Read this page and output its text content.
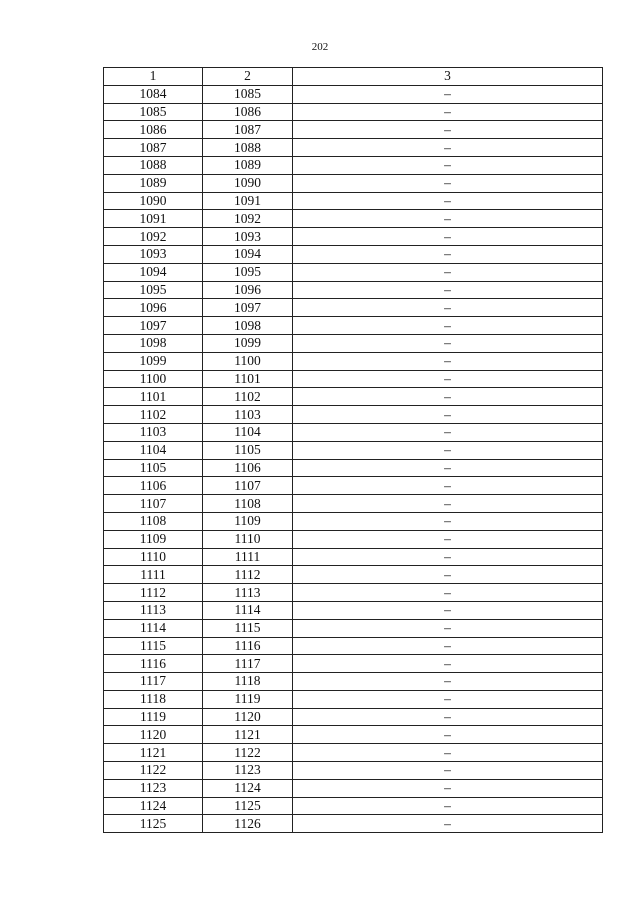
202
1	2	3
1084	1085	–
1085	1086	–
1086	1087	–
1087	1088	–
1088	1089	–
1089	1090	–
1090	1091	–
1091	1092	–
1092	1093	–
1093	1094	–
1094	1095	–
1095	1096	–
1096	1097	–
1097	1098	–
1098	1099	–
1099	1100	–
1100	1101	–
1101	1102	–
1102	1103	–
1103	1104	–
1104	1105	–
1105	1106	–
1106	1107	–
1107	1108	–
1108	1109	–
1109	1110	–
1110	1111	–
1111	1112	–
1112	1113	–
1113	1114	–
1114	1115	–
1115	1116	–
1116	1117	–
1117	1118	–
1118	1119	–
1119	1120	–
1120	1121	–
1121	1122	–
1122	1123	–
1123	1124	–
1124	1125	–
1125	1126	–
